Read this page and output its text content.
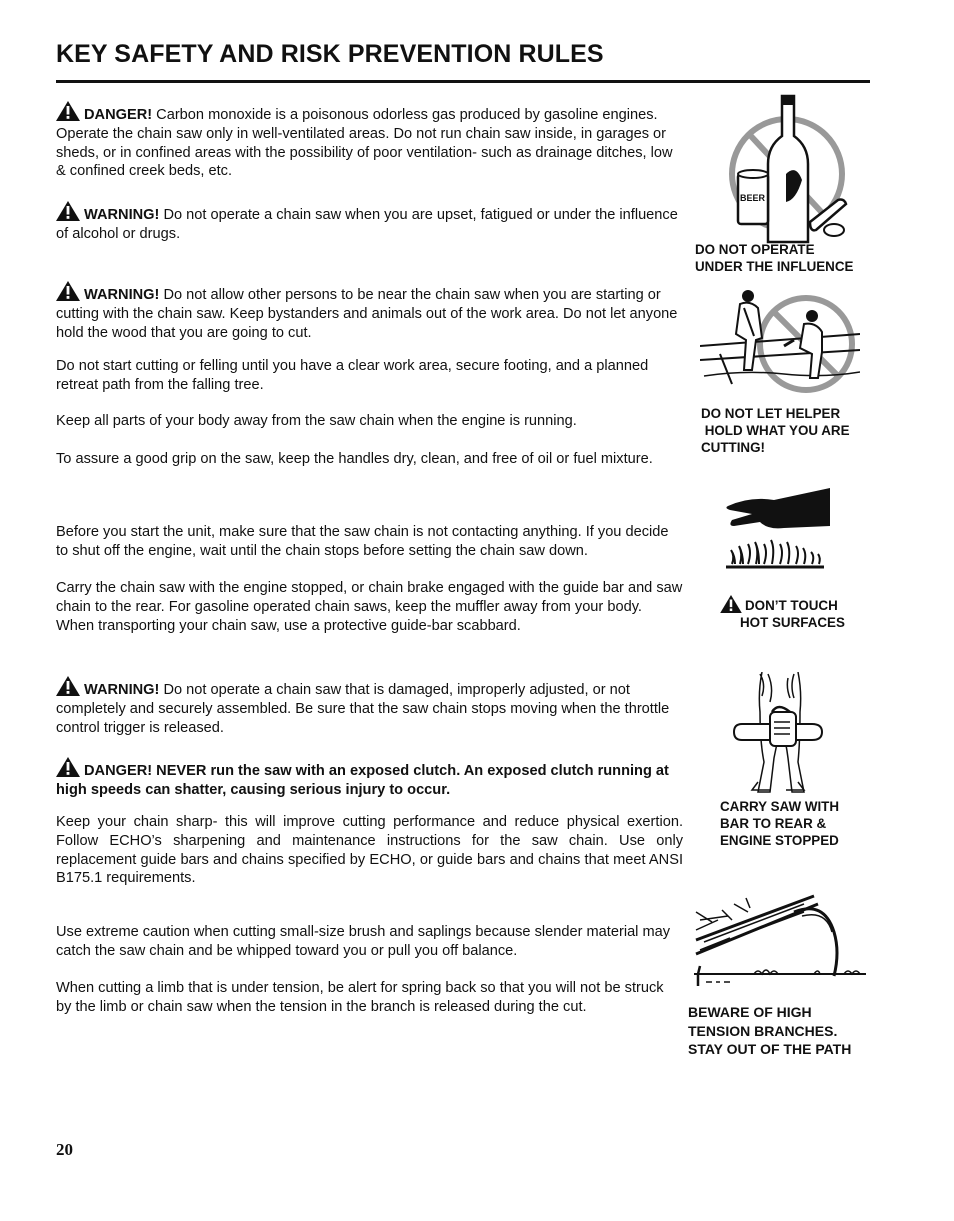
KEY SAFETY AND RISK PREVENTION RULES

DANGER! Carbon monoxide is a poisonous odorless gas produced by gasoline engines. Operate the chain saw only in well-ventilated areas. Do not run chain saw inside, in garages or sheds, or in confined areas with the possibility of poor ventilation- such as drainage ditches, low & confined creek beds, etc.

WARNING! Do not operate a chain saw when you are upset, fatigued or under the influence of alcohol or drugs.

WARNING! Do not allow other persons to be near the chain saw when you are starting or cutting with the chain saw. Keep bystanders and animals out of the work area. Do not let anyone hold the wood that you are going to cut.

Do not start cutting or felling until you have a clear work area, secure footing, and a planned retreat path from the falling tree.

Keep all parts of your body away from the saw chain when the engine is running.

To assure a good grip on the saw, keep the handles dry, clean, and free of oil or fuel mixture.

Before you start the unit, make sure that the saw chain is not contacting anything. If you decide to shut off the engine, wait until the chain stops before setting the chain saw down.

Carry the chain saw with the engine stopped, or chain brake engaged with the guide bar and saw chain to the rear. For gasoline operated chain saws, keep the muffler away from your body. When transporting your chain saw, use a protective guide-bar scabbard.

WARNING! Do not operate a chain saw that is damaged, improperly adjusted, or not completely and securely assembled. Be sure that the saw chain stops moving when the throttle control trigger is released.

DANGER! NEVER run the saw with an exposed clutch. An exposed clutch running at high speeds can shatter, causing serious injury to occur.

Keep your chain sharp- this will improve cutting performance and reduce physical exertion. Follow ECHO’s sharpening and maintenance instructions for the saw chain. Use only replacement guide bars and chains specified by ECHO, or guide bars and chains that meet ANSI B175.1 requirements.

Use extreme caution when cutting small-size brush and saplings because slender material may catch the saw chain and be whipped toward you or pull you off balance.

When cutting a limb that is under tension, be alert for spring back so that you will not be struck by the limb or chain saw when the tension in the branch is released during the cut.

BEER

DO NOT OPERATE
UNDER THE INFLUENCE

DO NOT LET HELPER
HOLD WHAT YOU ARE
CUTTING!

DON’T TOUCH
HOT SURFACES

CARRY SAW WITH
BAR TO REAR &
ENGINE STOPPED

BEWARE OF HIGH
TENSION BRANCHES.
STAY OUT OF THE PATH

20
